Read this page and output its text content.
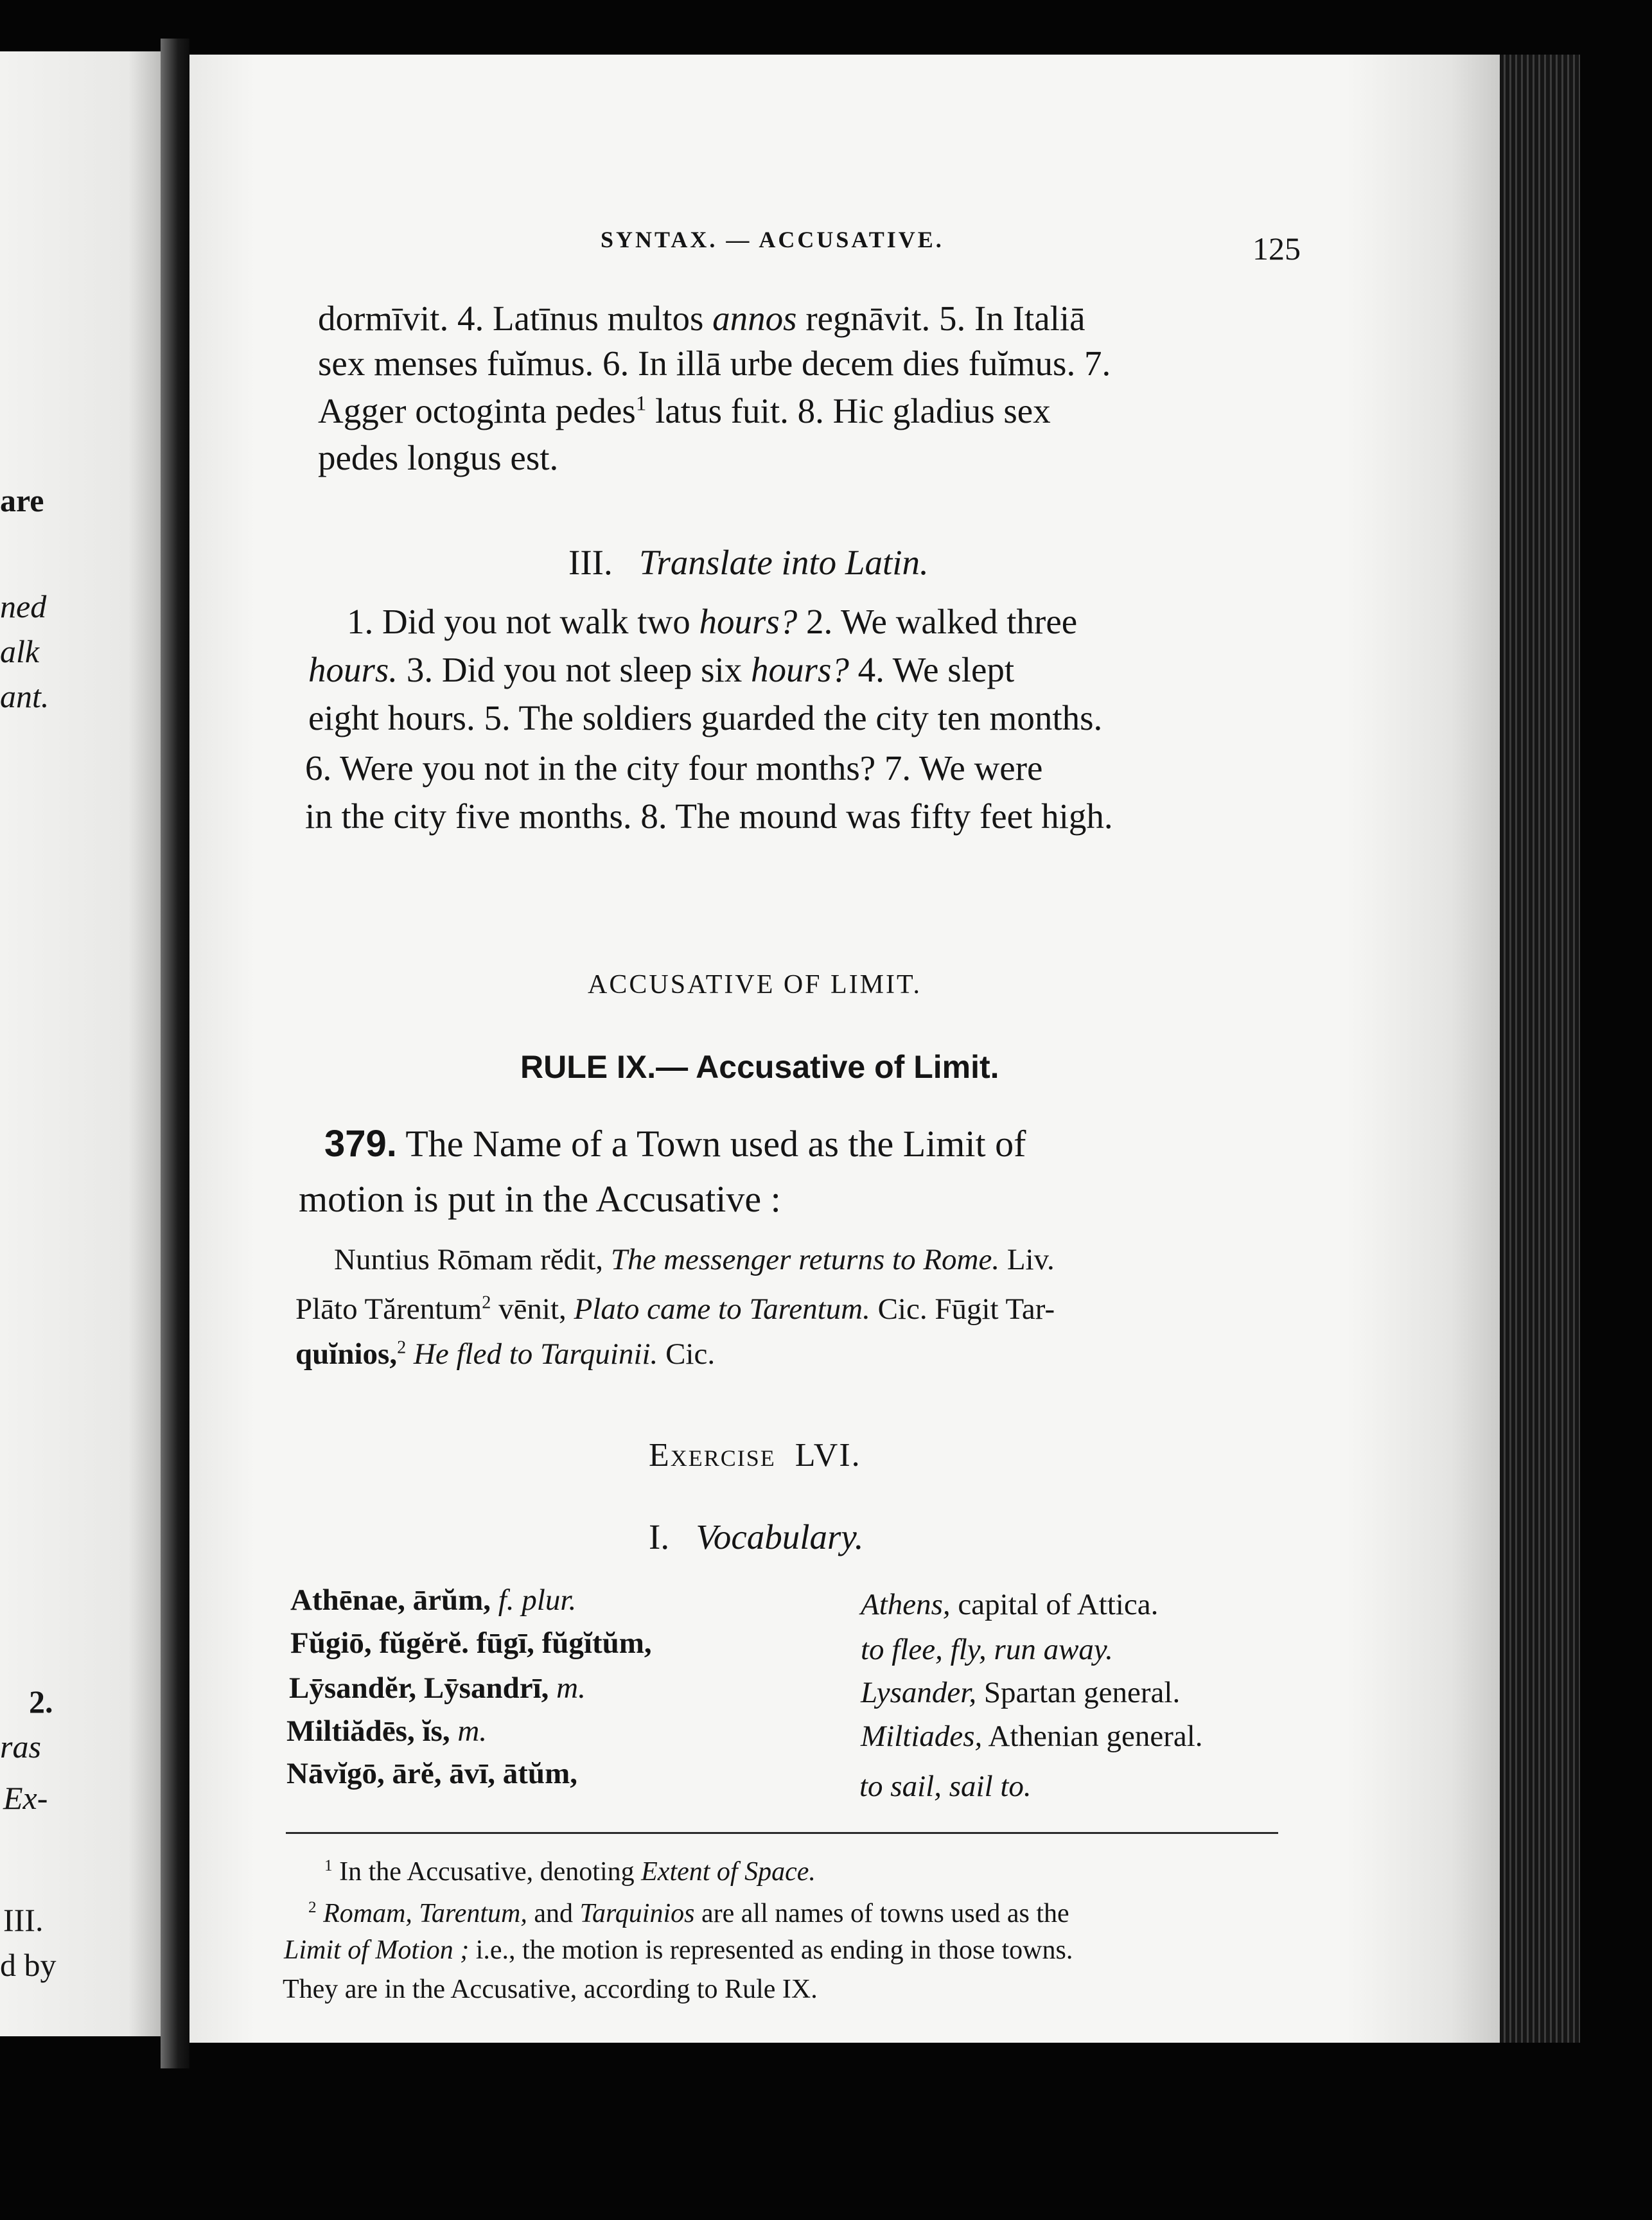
are
ned
alk
ant.
2.
ras
Ex-
III.
d by
SYNTAX. — ACCUSATIVE.	125
dormīvit. 4. Latīnus multos annos regnāvit. 5. In Italiā
sex menses fuĭmus. 6. In illā urbe decem dies fuĭmus. 7.
Agger octoginta pedes$^1$ latus fuit. 8. Hic gladius sex
pedes longus est.
III. Translate into Latin.
1. Did you not walk two hours? 2. We walked three
hours. 3. Did you not sleep six hours? 4. We slept
eight hours. 5. The soldiers guarded the city ten months.
6. Were you not in the city four months? 7. We were
in the city five months. 8. The mound was fifty feet high.
ACCUSATIVE OF LIMIT.
RULE IX.— Accusative of Limit.
379. The Name of a Town used as the Limit of
motion is put in the Accusative :
Nuntius Rōmam rĕdit, The messenger returns to Rome. Liv.
Plāto Tărentum$^2$ vēnit, Plato came to Tarentum. Cic. Fūgit Tar-
quĭnios,$^2$ He fled to Tarquinii. Cic.
Exercise LVI.
I. Vocabulary.
Athēnae, ārŭm, f. plur.	Athens, capital of Attica.
Fŭgiō, fŭgĕrĕ. fūgī, fŭgĭtŭm,	to flee, fly, run away.
Lȳsandĕr, Lȳsandrī, m.	Lysander, Spartan general.
Miltiădēs, ĭs, m.	Miltiades, Athenian general.
Nāvĭgō, ārĕ, āvī, ātŭm,	to sail, sail to.
$^1$ In the Accusative, denoting Extent of Space.
$^2$ Romam, Tarentum, and Tarquinios are all names of towns used as the
Limit of Motion ; i.e., the motion is represented as ending in those towns.
They are in the Accusative, according to Rule IX.
